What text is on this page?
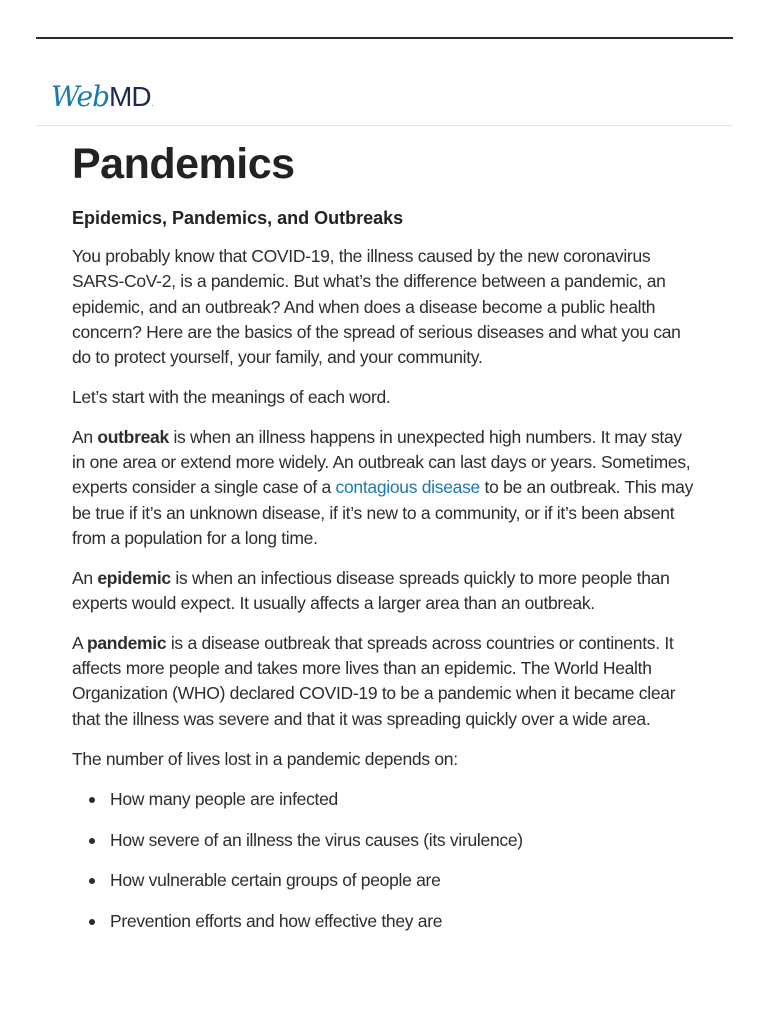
Web MD .
Pandemics
Epidemics, Pandemics, and Outbreaks

You probably know that COVID-19, the illness caused by the new coronavirus SARS-CoV-2, is a pandemic. But what’s the difference between a pandemic, an epidemic, and an outbreak? And when does a disease become a public health concern? Here are the basics of the spread of serious diseases and what you can do to protect yourself, your family, and your community.

Let’s start with the meanings of each word.

An outbreak is when an illness happens in unexpected high numbers. It may stay in one area or extend more widely. An outbreak can last days or years. Sometimes, experts consider a single case of a contagious disease to be an outbreak. This may be true if it’s an unknown disease, if it’s new to a community, or if it’s been absent from a population for a long time.

An epidemic is when an infectious disease spreads quickly to more people than experts would expect. It usually affects a larger area than an outbreak.

A pandemic is a disease outbreak that spreads across countries or continents. It affects more people and takes more lives than an epidemic. The World Health Organization (WHO) declared COVID-19 to be a pandemic when it became clear that the illness was severe and that it was spreading quickly over a wide area.

The number of lives lost in a pandemic depends on:

How many people are infected
How severe of an illness the virus causes (its virulence)
How vulnerable certain groups of people are
Prevention efforts and how effective they are
